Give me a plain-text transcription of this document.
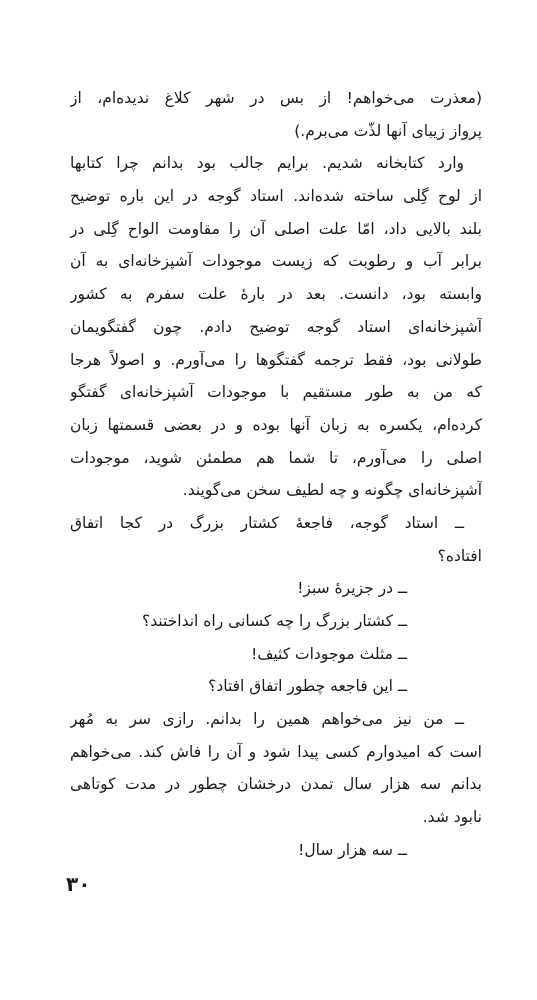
(معذرت می‌خواهم! از بس در شهر کلاغ ندیده‌ام، از
پرواز زیبای آنها لذّت می‌برم.)
وارد کتابخانه شدیم. برایم جالب بود بدانم چرا کتابها
از لوح گِلی ساخته شده‌اند. استاد گوجه در این باره توضیح
بلند بالایی داد، امّا علت اصلی آن را مقاومت الواح گِلی در
برابر آب و رطوبت که زیست موجودات آشپزخانه‌ای به آن
وابسته بود، دانست. بعد در بارهٔ علت سفرم به کشور
آشپزخانه‌ای استاد گوجه توضیح دادم. چون گفتگویمان
طولانی بود، فقط ترجمه گفتگوها را می‌آورم. و اصولاً هرجا
که من به طور مستقیم با موجودات آشپزخانه‌ای گفتگو
کرده‌ام، یکسره به زبان آنها بوده و در بعضی قسمتها زبان
اصلی را می‌آورم، تا شما هم مطمئن شوید، موجودات
آشپزخانه‌ای چگونه و چه لطیف سخن می‌گویند.
ــ استاد گوجه، فاجعهٔ کشتار بزرگ در کجا اتفاق
افتاده؟
ــ در جزیرهٔ سبز!
ــ کشتار بزرگ را چه کسانی راه انداختند؟
ــ مثلث موجودات کثیف!
ــ این فاجعه چطور اتفاق افتاد؟
ــ من نیز می‌خواهم همین را بدانم. رازی سر به مُهر
است که امیدوارم کسی پیدا شود و آن را فاش کند. می‌خواهم
بدانم سه هزار سال تمدن درخشان چطور در مدت کوتاهی
نابود شد.
ــ سه هزار سال!
۳۰
